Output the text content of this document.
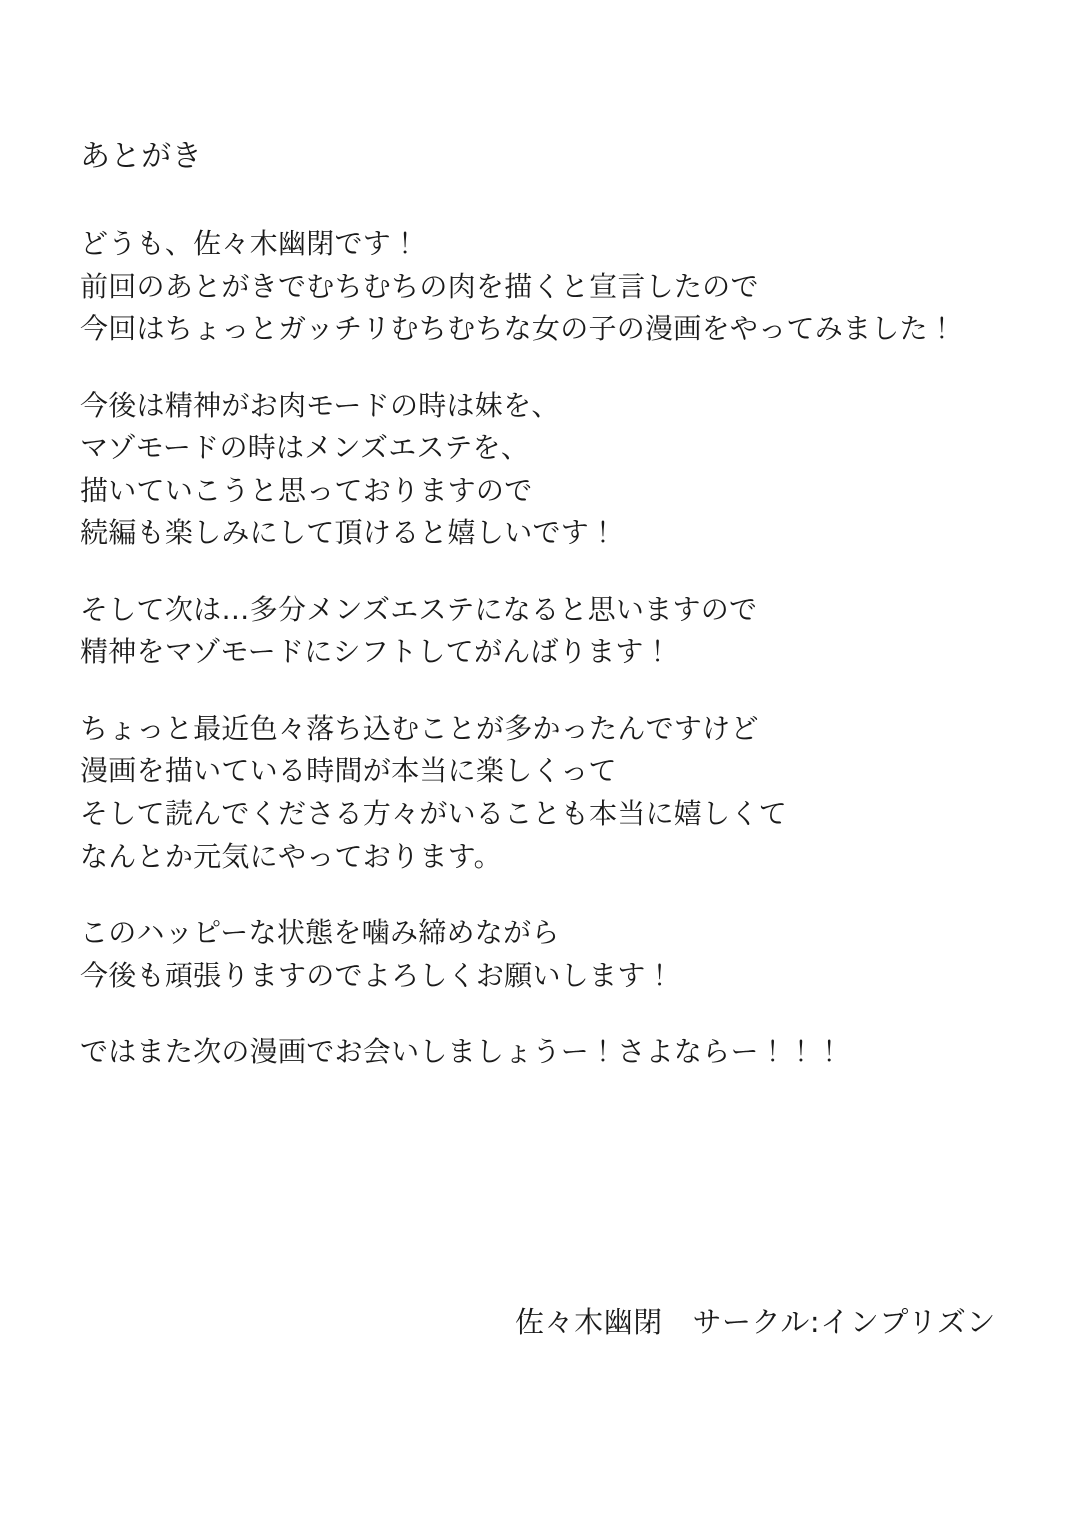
あとがき
どうも、佐々木幽閉です！
前回のあとがきでむちむちの肉を描くと宣言したので
今回はちょっとガッチリむちむちな女の子の漫画をやってみました！
今後は精神がお肉モードの時は妹を、
マゾモードの時はメンズエステを、
描いていこうと思っておりますので
続編も楽しみにして頂けると嬉しいです！
そして次は…多分メンズエステになると思いますので
精神をマゾモードにシフトしてがんばります！
ちょっと最近色々落ち込むことが多かったんですけど
漫画を描いている時間が本当に楽しくって
そして読んでくださる方々がいることも本当に嬉しくて
なんとか元気にやっております。
このハッピーな状態を噛み締めながら
今後も頑張りますのでよろしくお願いします！
ではまた次の漫画でお会いしましょうー！さよならー！！！
佐々木幽閉　サークル:インプリズン
